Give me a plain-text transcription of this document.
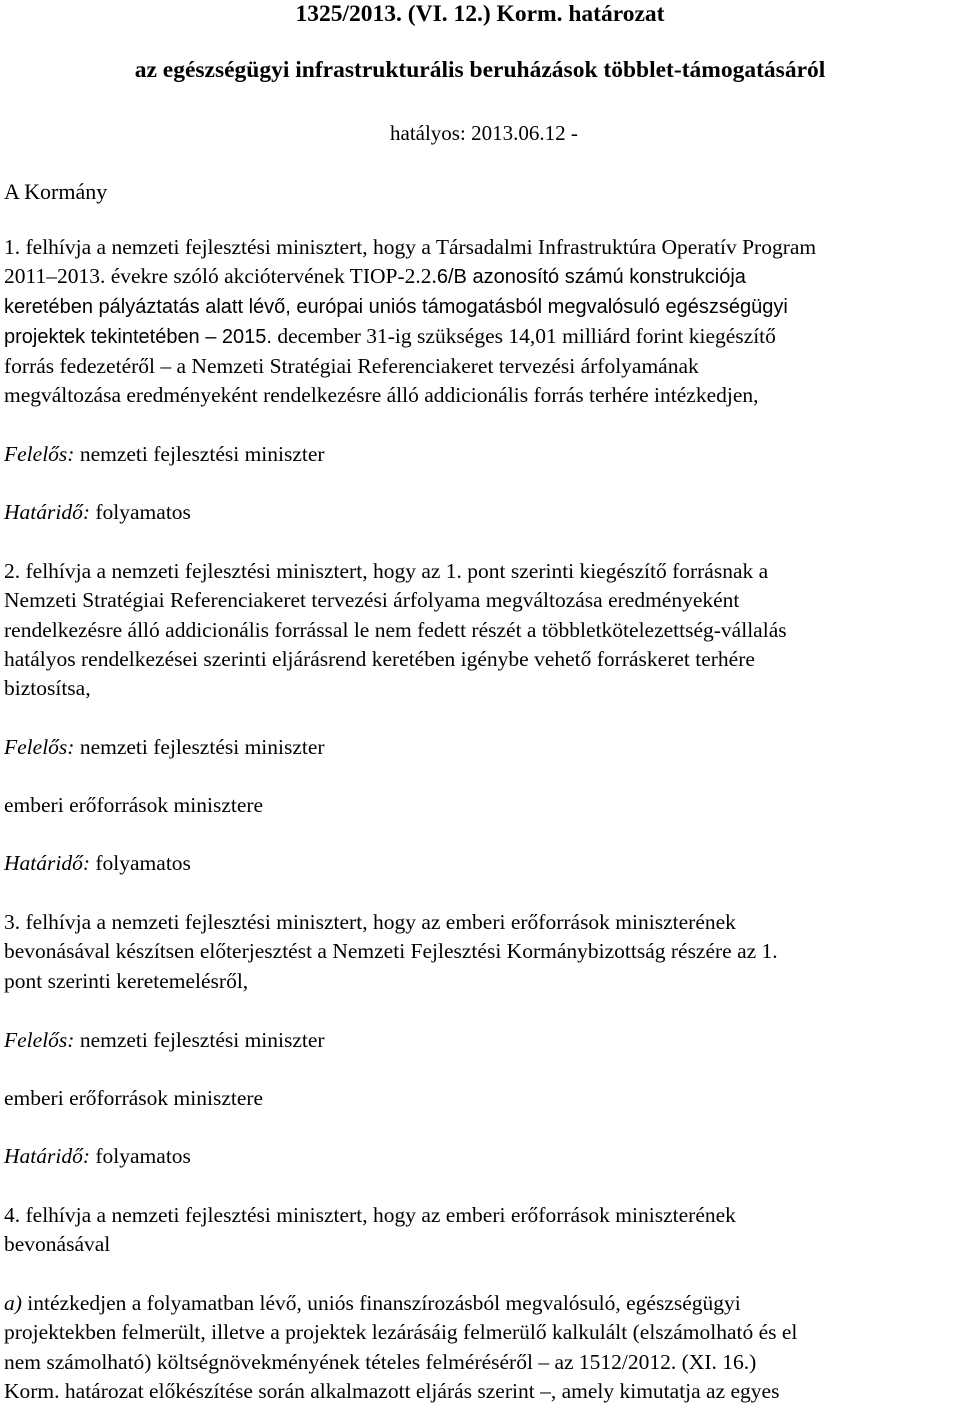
1325/2013. (VI. 12.) Korm. határozat
az egészségügyi infrastrukturális beruházások többlet-támogatásáról
hatályos: 2013.06.12 -
A Kormány
1. felhívja a nemzeti fejlesztési minisztert, hogy a Társadalmi Infrastruktúra Operatív Program
2011–2013. évekre szóló akciótervének TIOP-2.2.6/B azonosító számú konstrukciója
keretében pályáztatás alatt lévő, európai uniós támogatásból megvalósuló egészségügyi
projektek tekintetében – 2015. december 31-ig szükséges 14,01 milliárd forint kiegészítő
forrás fedezetéről – a Nemzeti Stratégiai Referenciakeret tervezési árfolyamának
megváltozása eredményeként rendelkezésre álló addicionális forrás terhére intézkedjen,
Felelős: nemzeti fejlesztési miniszter
Határidő: folyamatos
2. felhívja a nemzeti fejlesztési minisztert, hogy az 1. pont szerinti kiegészítő forrásnak a
Nemzeti Stratégiai Referenciakeret tervezési árfolyama megváltozása eredményeként
rendelkezésre álló addicionális forrással le nem fedett részét a többletkötelezettség-vállalás
hatályos rendelkezései szerinti eljárásrend keretében igénybe vehető forráskeret terhére
biztosítsa,
Felelős: nemzeti fejlesztési miniszter
emberi erőforrások minisztere
Határidő: folyamatos
3. felhívja a nemzeti fejlesztési minisztert, hogy az emberi erőforrások miniszterének
bevonásával készítsen előterjesztést a Nemzeti Fejlesztési Kormánybizottság részére az 1.
pont szerinti keretemelésről,
Felelős: nemzeti fejlesztési miniszter
emberi erőforrások minisztere
Határidő: folyamatos
4. felhívja a nemzeti fejlesztési minisztert, hogy az emberi erőforrások miniszterének
bevonásával
a) intézkedjen a folyamatban lévő, uniós finanszírozásból megvalósuló, egészségügyi
projektekben felmerült, illetve a projektek lezárásáig felmerülő kalkulált (elszámolható és el
nem számolható) költségnövekményének tételes felméréséről – az 1512/2012. (XI. 16.)
Korm. határozat előkészítése során alkalmazott eljárás szerint –, amely kimutatja az egyes
